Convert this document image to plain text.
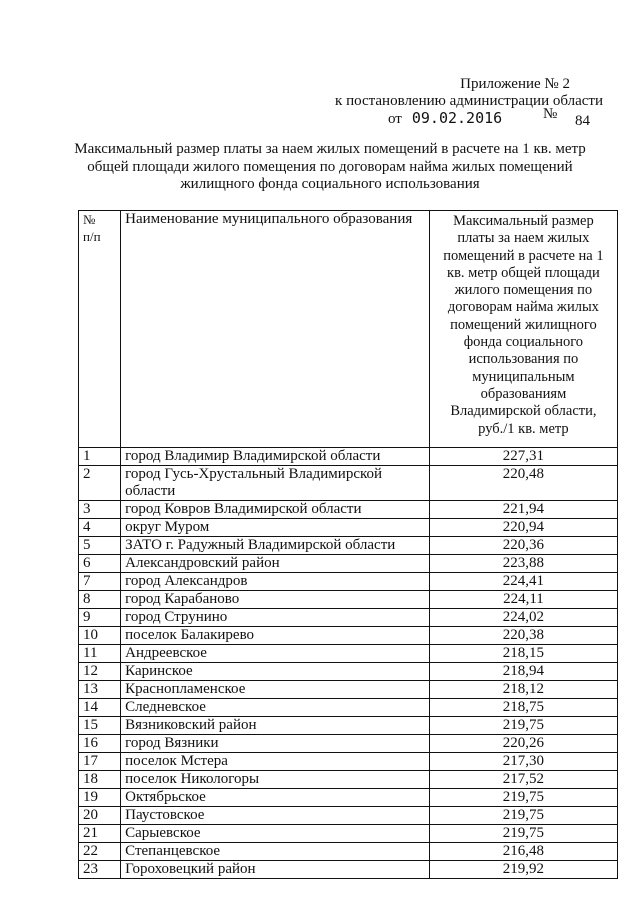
Приложение № 2
к постановлению администрации области
от 09.02.2016	№ 84
Максимальный размер платы за наем жилых помещений в расчете на 1 кв. метр
общей площади жилого помещения по договорам найма жилых помещений
жилищного фонда социального использования
№
п/п	Наименование муниципального образования	Максимальный размер платы за наем жилых помещений в расчете на 1 кв. метр общей площади жилого помещения по договорам найма жилых помещений жилищного фонда социального использования по муниципальным образованиям Владимирской области, руб./1 кв. метр
1	город Владимир Владимирской области	227,31
2	город Гусь-Хрустальный Владимирской области	220,48
3	город Ковров Владимирской области	221,94
4	округ Муром	220,94
5	ЗАТО г. Радужный Владимирской области	220,36
6	Александровский район	223,88
7	город Александров	224,41
8	город Карабаново	224,11
9	город Струнино	224,02
10	поселок Балакирево	220,38
11	Андреевское	218,15
12	Каринское	218,94
13	Краснопламенское	218,12
14	Следневское	218,75
15	Вязниковский район	219,75
16	город Вязники	220,26
17	поселок Мстера	217,30
18	поселок Никологоры	217,52
19	Октябрьское	219,75
20	Паустовское	219,75
21	Сарыевское	219,75
22	Степанцевское	216,48
23	Гороховецкий район	219,92
